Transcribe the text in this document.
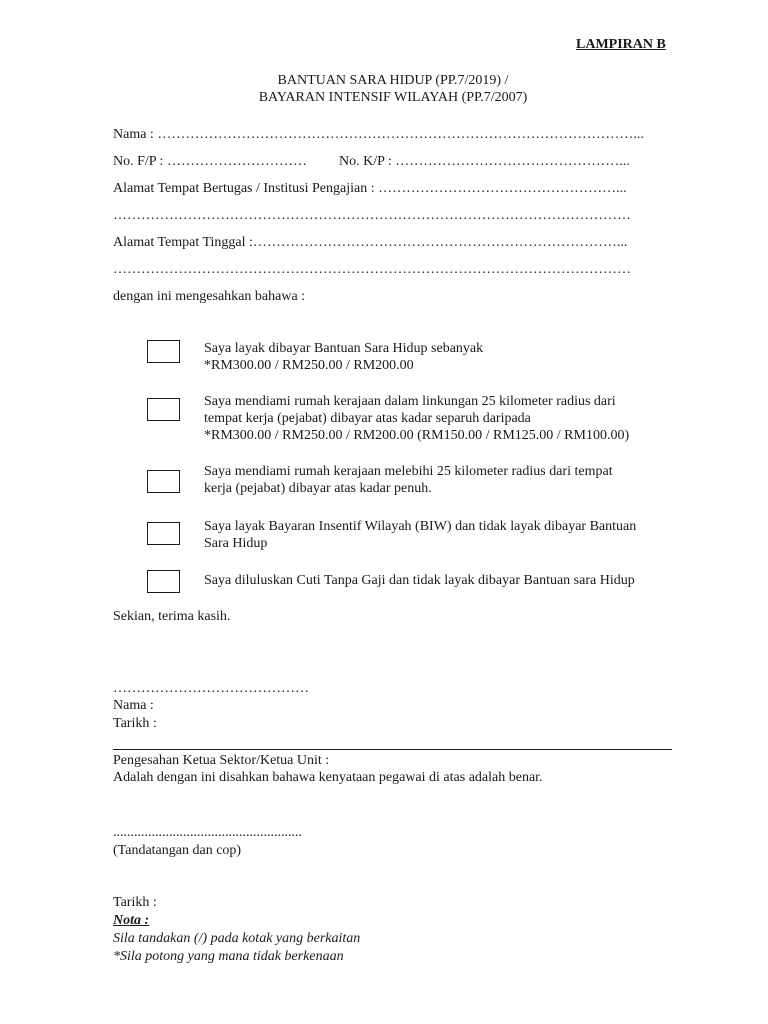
LAMPIRAN B
BANTUAN SARA HIDUP (PP.7/2019) /
BAYARAN INTENSIF WILAYAH (PP.7/2007)
Nama : …………………………………………………………………………………………...
No. F/P : ………………………… No. K/P : …………………………………………...
Alamat Tempat Bertugas / Institusi Pengajian : ……………………………………………...
…………………………………………………………………………………………………
Alamat Tempat Tinggal :……………………………………………………………………...
…………………………………………………………………………………………………
dengan ini mengesahkan bahawa :

Saya layak dibayar Bantuan Sara Hidup sebanyak

*RM300.00 / RM250.00 / RM200.00

Saya mendiami rumah kerajaan dalam linkungan 25 kilometer radius dari

tempat kerja (pejabat) dibayar atas kadar separuh daripada

*RM300.00 / RM250.00 / RM200.00 (RM150.00 / RM125.00 / RM100.00)

Saya mendiami rumah kerajaan melebihi 25 kilometer radius dari tempat

kerja (pejabat) dibayar atas kadar penuh.

Saya layak Bayaran Insentif Wilayah (BIW) dan tidak layak dibayar Bantuan

Sara Hidup

Saya diluluskan Cuti Tanpa Gaji dan tidak layak dibayar Bantuan sara Hidup

Sekian, terima kasih.
……………………………………
Nama :
Tarikh :
Pengesahan Ketua Sektor/Ketua Unit :
Adalah dengan ini disahkan bahawa kenyataan pegawai di atas adalah benar.
......................................................
(Tandatangan dan cop)
Tarikh :
Nota :
Sila tandakan (/) pada kotak yang berkaitan
*Sila potong yang mana tidak berkenaan
